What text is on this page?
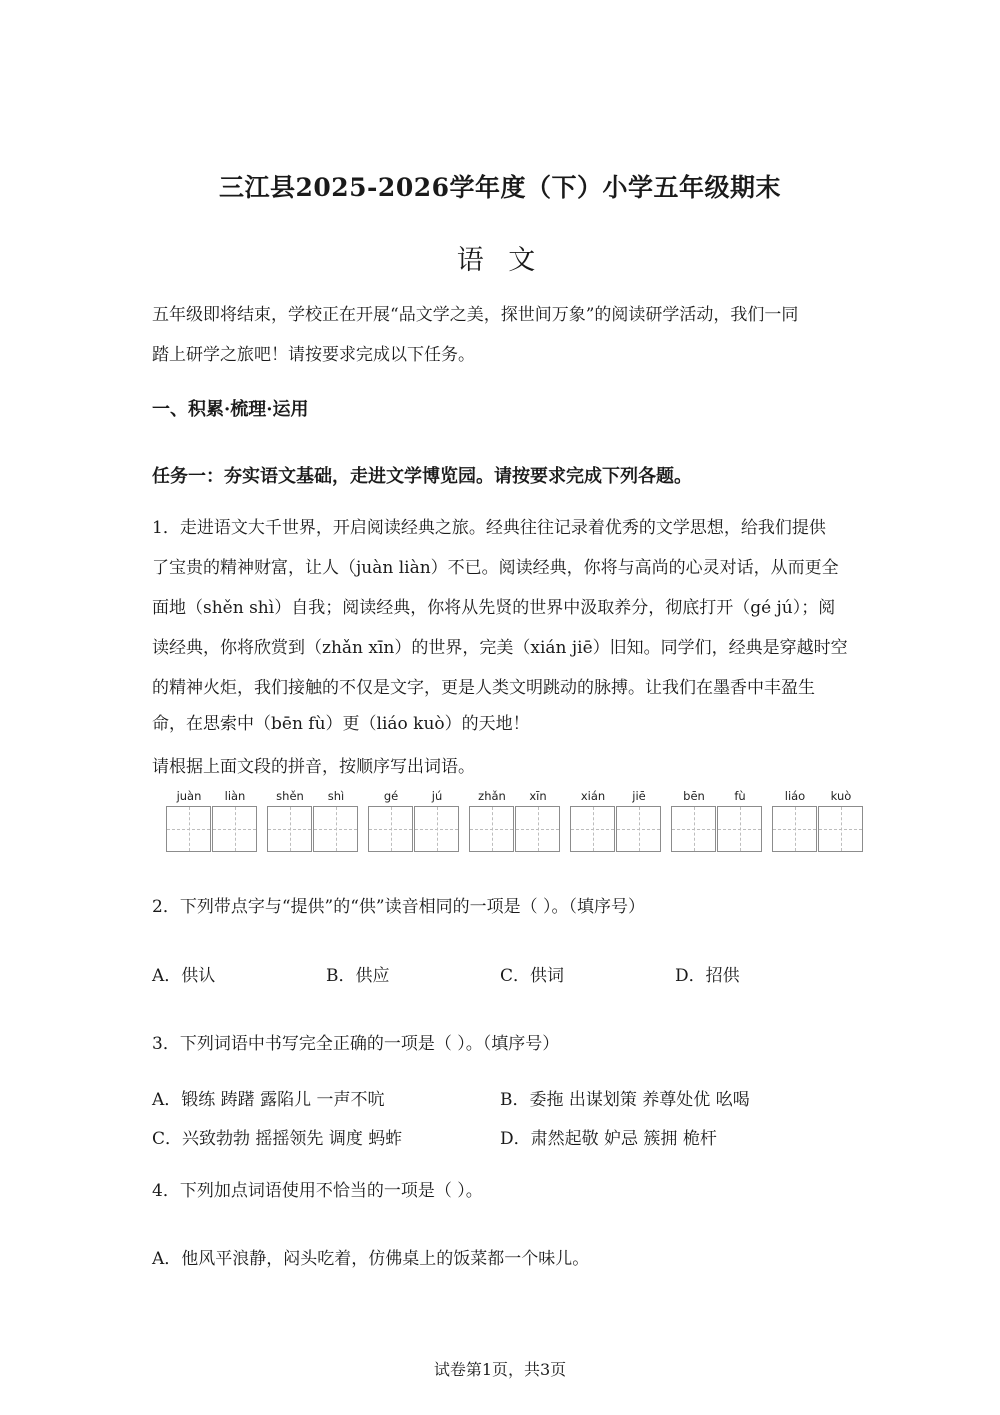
三江县2025-2026学年度（下）小学五年级期末
语 文
五年级即将结束，学校正在开展“品文学之美，探世间万象”的阅读研学活动，我们一同
踏上研学之旅吧！请按要求完成以下任务。
一、积累·梳理·运用
任务一：夯实语文基础，走进文学博览园。请按要求完成下列各题。
1．走进语文大千世界，开启阅读经典之旅。经典往往记录着优秀的文学思想，给我们提供
了宝贵的精神财富，让人（juàn liàn）不已。阅读经典，你将与高尚的心灵对话，从而更全
面地（shěn shì）自我；阅读经典，你将从先贤的世界中汲取养分，彻底打开（gé jú）；阅
读经典，你将欣赏到（zhǎn xīn）的世界，完美（xián jiē）旧知。同学们，经典是穿越时空
的精神火炬，我们接触的不仅是文字，更是人类文明跳动的脉搏。让我们在墨香中丰盈生
命，在思索中（bēn fù）更（liáo kuò）的天地！
请根据上面文段的拼音，按顺序写出词语。
juàn	liàn	shěn	shì	gé	jú	zhǎn	xīn	xián	jiē	bēn	fù	liáo	kuò
2．下列带点字与“提供”的“供”读音相同的一项是（ ）。（填序号）
A．供认	B．供应	C．供词	D．招供
3．下列词语中书写完全正确的一项是（ ）。（填序号）
A．锻练 踌躇 露陷儿 一声不吭	B．委拖 出谋划策 养尊处优 吆喝
C．兴致勃勃 摇摇领先 调度 蚂蚱	D．肃然起敬 妒忌 簇拥 桅杆
4．下列加点词语使用不恰当的一项是（ ）。
A．他风平浪静，闷头吃着，仿佛桌上的饭菜都一个味儿。
试卷第1页，共3页
